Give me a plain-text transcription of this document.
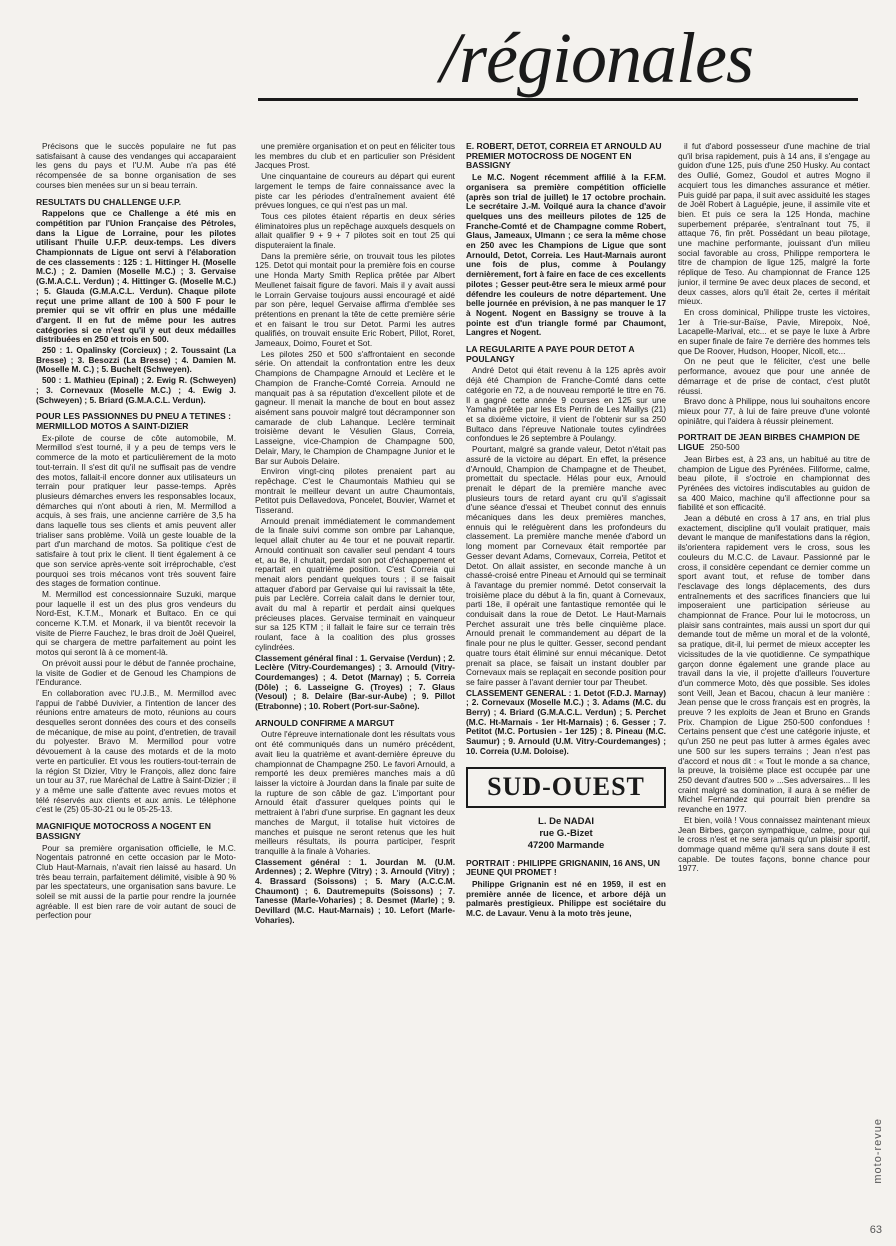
/régionales

Précisons que le succès populaire ne fut pas satisfaisant à cause des vendanges qui accaparaient les gens du pays et l'U.M. Aube n'a pas été récompensée de sa bonne organisation de ses courses bien menées sur un si beau terrain.

RESULTATS DU CHALLENGE U.F.P.

Rappelons que ce Challenge a été mis en compétition par l'Union Française des Pétroles, dans la Ligue de Lorraine, pour les pilotes utilisant l'huile U.F.P. deux-temps. Les divers Championnats de Ligue ont servi à l'élaboration de ces classements : 125 : 1. Hittinger H. (Moselle M.C.) ; 2. Damien (Moselle M.C.) ; 3. Gervaise (G.M.A.C.L. Verdun) ; 4. Hittinger G. (Moselle M.C.) ; 5. Glauda (G.M.A.C.L. Verdun). Chaque pilote reçut une prime allant de 100 à 500 F pour le premier qui se vit offrir en plus une médaille d'argent. Il en fut de même pour les autres catégories si ce n'est qu'il y eut deux médailles distribuées en 250 et trois en 500.

250 : 1. Opalinsky (Corcieux) ; 2. Toussaint (La Bresse) ; 3. Besozzi (La Bresse) ; 4. Damien M. (Moselle M. C.) ; 5. Buchelt (Schweyen).

500 : 1. Mathieu (Epinal) ; 2. Ewig R. (Schweyen) ; 3. Cornevaux (Moselle M.C.) ; 4. Ewig J. (Schweyen) ; 5. Briard (G.M.A.C.L. Verdun).

POUR LES PASSIONNES DU PNEU A TETINES : MERMILLOD MOTOS A SAINT-DIZIER

Ex-pilote de course de côte automobile, M. Mermillod s'est tourné, il y a peu de temps vers le commerce de la moto et particulièrement de la moto tout-terrain. Il s'est dit qu'il ne suffisait pas de vendre des motos, fallait-il encore donner aux utilisateurs un terrain pour pratiquer leur passe-temps. Après plusieurs démarches envers les responsables locaux, démarches qui n'ont abouti à rien, M. Mermillod a acquis, à ses frais, une ancienne carrière de 3,5 ha dans laquelle tous ses clients et amis peuvent aller trialiser sans problème. Voilà un geste louable de la part d'un marchand de motos. Sa politique c'est de satisfaire à tout prix le client. Il tient également à ce que son service après-vente soit irréprochable, c'est pourquoi ses trois mécanos vont très souvent faire des stages de formation continue.

M. Mermillod est concessionnaire Suzuki, marque pour laquelle il est un des plus gros vendeurs du Nord-Est, K.T.M., Monark et Bultaco. En ce qui concerne K.T.M. et Monark, il va bientôt recevoir la visite de Pierre Fauchez, le bras droit de Joël Queirel, qui se chargera de mettre parfaitement au point les motos qui seront là à ce moment-là.

On prévoit aussi pour le début de l'année prochaine, la visite de Godier et de Genoud les Champions de l'Endurance.

En collaboration avec l'U.J.B., M. Mermillod avec l'appui de l'abbé Duvivier, a l'intention de lancer des réunions entre amateurs de moto, réunions au cours desquelles seront données des cours et des conseils de mécanique, de mise au point, d'entretien, de travail du polyester. Bravo M. Mermillod pour votre dévouement à la cause des motards et de la moto verte en particulier. Et vous les routiers-tout-terrain de la région St Dizier, Vitry le François, allez donc faire un tour au 37, rue Maréchal de Lattre à Saint-Dizier ; il y a même une salle d'attente avec revues motos et télé réservés aux clients et aux amis. Le téléphone c'est le (25) 05-30-21 ou le 05-25-13.

MAGNIFIQUE MOTOCROSS A NOGENT EN BASSIGNY

Pour sa première organisation officielle, le M.C. Nogentais patronné en cette occasion par le Moto-Club Haut-Marnais, n'avait rien laissé au hasard. Un très beau terrain, parfaitement délimité, visible à 90 % par les spectateurs, une organisation sans bavure. Le soleil se mit aussi de la partie pour rendre la journée agréable. Il est bien rare de voir autant de souci de perfection pour

une première organisation et on peut en féliciter tous les membres du club et en particulier son Président Jacques Prost.

Une cinquantaine de coureurs au départ qui eurent largement le temps de faire connaissance avec la piste car les périodes d'entraînement avaient été prévues longues, ce qui n'est pas un mal.

Tous ces pilotes étaient répartis en deux séries éliminatoires plus un repêchage auxquels desquels on allait qualifier 9 + 9 + 7 pilotes soit en tout 25 qui disputeraient la finale.

Dans la première série, on trouvait tous les pilotes 125. Detot qui montait pour la première fois en course une Honda Marty Smith Replica prêtée par Albert Meullenet faisait figure de favori. Mais il y avait aussi le Lorrain Gervaise toujours aussi encouragé et aidé par son père, lequel Gervaise affirma d'emblée ses prétentions en prenant la tête de cette première série et en faisant le trou sur Detot. Parmi les autres qualifiés, on trouvait ensuite Eric Robert, Pillot, Roret, Jameaux, Doimo, Fouret et Sot.

Les pilotes 250 et 500 s'affrontaient en seconde série. On attendait la confrontation entre les deux Champions de Champagne Arnould et Leclère et le Champion de Franche-Comté Correia. Arnould ne manquait pas à sa réputation d'excellent pilote et de gagneur. Il menait la manche de bout en bout assez aisément sans pouvoir malgré tout décramponner son camarade de club Lahanque. Leclère terminait troisième devant le Vésulien Glaus, Correia, Lasseigne, vice-Champion de Champagne 500, Delair, Mary, le Champion de Champagne Junior et le Bar sur Aubois Delaire.

Environ vingt-cinq pilotes prenaient part au repêchage. C'est le Chaumontais Mathieu qui se montrait le meilleur devant un autre Chaumontais, Petitot puis Dellavedova, Poncelet, Bouvier, Warnet et Tisserand.

Arnould prenait immédiatement le commandement de la finale suivi comme son ombre par Lahanque, lequel allait chuter au 4e tour et ne pouvait repartir. Arnould continuait son cavalier seul pendant 4 tours et, au 8e, il chutait, perdait son pot d'échappement et repartait en quatrième position. C'est Correia qui menait alors pendant quelques tours ; il se faisait attaquer d'abord par Gervaise qui lui ravissait la tête, puis par Leclère. Correia calait dans le dernier tour, avait du mal à repartir et perdait ainsi quelques précieuses places. Gervaise terminait en vainqueur sur sa 125 KTM ; il fallait le faire sur ce terrain très roulant, face à la coalition des plus grosses cylindrées.

Classement général final : 1. Gervaise (Verdun) ; 2. Leclère (Vitry-Courdemanges) ; 3. Arnould (Vitry-Courdemanges) ; 4. Detot (Marnay) ; 5. Correia (Dôle) ; 6. Lasseigne G. (Troyes) ; 7. Glaus (Vesoul) ; 8. Delaire (Bar-sur-Aube) ; 9. Pillot (Etrabonne) ; 10. Robert (Port-sur-Saône).

ARNOULD CONFIRME A MARGUT

Outre l'épreuve internationale dont les résultats vous ont été communiqués dans un numéro précédent, avait lieu la quatrième et avant-dernière épreuve du championnat de Champagne 250. Le favori Arnould, a remporté les deux premières manches mais a dû laisser la victoire à Jourdan dans la finale par suite de la rupture de son câble de gaz. L'important pour Arnould était d'assurer quelques points qui le mettraient à l'abri d'une surprise. En gagnant les deux manches de Margut, il totalise huit victoires de manches et puisque ne seront retenus que les huit meilleurs résultats, ils pourra participer, l'esprit tranquille à la finale à Voharies.

Classement général : 1. Jourdan M. (U.M. Ardennes) ; 2. Wephre (Vitry) ; 3. Arnould (Vitry) ; 4. Brassard (Soissons) ; 5. Mary (A.C.C.M. Chaumont) ; 6. Dautremepuits (Soissons) ; 7. Tanesse (Marle-Voharies) ; 8. Desmet (Marle) ; 9. Devillard (M.C. Haut-Marnais) ; 10. Lefort (Marle-Voharies).

E. ROBERT, DETOT, CORREIA ET ARNOULD AU PREMIER MOTOCROSS DE NOGENT EN BASSIGNY

Le M.C. Nogent récemment affilié à la F.F.M. organisera sa première compétition officielle (après son trial de juillet) le 17 octobre prochain. Le secrétaire J.-M. Voilqué aura la chance d'avoir quelques uns des meilleurs pilotes de 125 de Franche-Comté et de Champagne comme Robert, Glaus, Jameaux, Ulmann ; ce sera la même chose en 250 avec les Champions de Ligue que sont Arnould, Detot, Correia. Les Haut-Marnais auront une fois de plus, comme à Poulangy dernièrement, fort à faire en face de ces excellents pilotes ; Gesser peut-être sera le mieux armé pour défendre les couleurs de notre département. Une belle journée en prévision, à ne pas manquer le 17 à Nogent. Nogent en Bassigny se trouve à la pointe est d'un triangle formé par Chaumont, Langres et Nogent.

LA REGULARITE A PAYE POUR DETOT A POULANGY

André Detot qui était revenu à la 125 après avoir déjà été Champion de Franche-Comté dans cette catégorie en 72, a de nouveau remporté le titre en 76. Il a gagné cette année 9 courses en 125 sur une Yamaha prêtée par les Ets Perrin de Les Maillys (21) et sa dixième victoire, il vient de l'obtenir sur sa 250 Bultaco dans l'épreuve Nationale toutes cylindrées confondues le 26 septembre à Poulangy.

Pourtant, malgré sa grande valeur, Detot n'était pas assuré de la victoire au départ. En effet, la présence d'Arnould, Champion de Champagne et de Theubet, promettait du spectacle. Hélas pour eux, Arnould prenait le départ de la première manche avec plusieurs tours de retard ayant cru qu'il s'agissait d'une séance d'essai et Theubet connut des ennuis mécaniques dans les deux premières manches, ennuis qui le reléguèrent dans les profondeurs du classement. La première manche menée d'abord un long moment par Cornevaux était remportée par Gesser devant Adams, Cornevaux, Correia, Petitot et Detot. On allait assister, en seconde manche à un chassé-croisé entre Pineau et Arnould qui se terminait à l'avantage du premier nommé. Detot conservait la troisième place du début à la fin, quant à Cornevaux, parti 18e, il opérait une fantastique remontée qui le conduisait dans la roue de Detot. Le Haut-Marnais Perchet assurait une très belle cinquième place. Arnould prenait le commandement au départ de la finale pour ne plus le quitter. Gesser, second pendant quatre tours était éliminé sur ennui mécanique. Detot prenait sa place, se faisait un instant doubler par Cornevaux mais se replaçait en seconde position pour se faire passer à l'avant dernier tour par Theubet.

CLASSEMENT GENERAL : 1. Detot (F.D.J. Marnay) ; 2. Cornevaux (Moselle M.C.) ; 3. Adams (M.C. du Berry) ; 4. Briard (G.M.A.C.L. Verdun) ; 5. Perchet (M.C. Ht-Marnais - 1er Ht-Marnais) ; 6. Gesser ; 7. Petitot (M.C. Portusien - 1er 125) ; 8. Pineau (M.C. Saumur) ; 9. Arnould (U.M. Vitry-Courdemanges) ; 10. Correia (U.M. Doloise).

SUD-OUEST
L. De NADAI
rue G.-Bizet
47200 Marmande
PORTRAIT : PHILIPPE GRIGNANIN, 16 ANS, UN JEUNE QUI PROMET !

Philippe Grignanin est né en 1959, il est en première année de licence, et arbore déjà un palmarès prestigieux. Philippe est sociétaire du M.C. de Lavaur. Venu à la moto très jeune,

il fut d'abord possesseur d'une machine de trial qu'il brisa rapidement, puis à 14 ans, il s'engage au guidon d'une 125, puis d'une 250 Husky. Au contact des Oullié, Gomez, Goudol et autres Mogno il acquiert tous les dimanches assurance et métier. Puis guidé par papa, il suit avec assiduité les stages de Joël Robert à Laguépie, jeune, il assimile vite et bien. Et puis ce sera la 125 Honda, machine superbement préparée, s'entraînant tout 75, il attaque 76, fin prêt. Possédant un beau pilotage, une machine performante, jouissant d'un milieu social favorable au cross, Philippe remportera le titre de champion de ligue 125, malgré la forte réplique de Teso. Au championnat de France 125 junior, il termine 9e avec deux places de second, et deux casses, alors qu'il était 2e, certes il méritait mieux.

En cross dominical, Philippe truste les victoires, 1er à Trie-sur-Baïse, Pavie, Mirepoix, Noé, Lacapelle-Marival, etc... et se paye le luxe à Arbre en super finale de faire 7e derrière des hommes tels que De Roover, Hudson, Hooper, Nicoll, etc...

On ne peut que le féliciter, c'est une belle performance, avouez que pour une année de démarrage et de prise de contact, c'est plutôt réussi.

Bravo donc à Philippe, nous lui souhaitons encore mieux pour 77, à lui de faire preuve d'une volonté opiniâtre, qui l'aidera à réussir pleinement.

PORTRAIT DE JEAN BIRBES CHAMPION DE LIGUE 250-500

Jean Birbes est, à 23 ans, un habitué au titre de champion de Ligue des Pyrénées. Filiforme, calme, beau pilote, il s'octroie en championnat des Pyrénées des victoires indiscutables au guidon de sa 400 Maico, machine qu'il affectionne pour sa fiabilité et son efficacité.

Jean a débuté en cross à 17 ans, en trial plus exactement, discipline qu'il voulait pratiquer, mais devant le manque de manifestations dans la région, ils'orientera rapidement vers le cross, sous les couleurs du M.C.C. de Lavaur. Passionné par le cross, il considère cependant ce dernier comme un sport avant tout, et refuse de tomber dans l'esclavage des longs déplacements, des durs entraînements et des sacrifices financiers que lui imposeraient une participation sérieuse au championnat de France. Pour lui le motocross, un plaisir sans contraintes, mais aussi un sport dur qui demande tout de même un moral et de la volonté, sa pratique, dit-il, lui permet de mieux accepter les vicissitudes de la vie quotidienne. Ce sympathique garçon donne également une grande place au travail dans la vie, il projette d'ailleurs l'ouverture d'un commerce Moto, dès que possible. Ses idoles sont Veill, Jean et Bacou, chacun à leur manière : Jean pense que le cross français est en progrès, la preuve ? les exploits de Jean et Bruno en Grands Prix. Champion de Ligue 250-500 confondues ! Certains pensent que c'est une catégorie injuste, et qu'un 250 ne peut pas lutter à armes égales avec une 500 sur les supers terrains ; Jean n'est pas d'accord et nous dit : « Tout le monde a sa chance, la preuve, la troisième place est occupée par une 250 devant d'autres 500 » ...Ses adversaires... Il les craint malgré sa domination, il aura à se méfier de Michel Fernandez qui pourrait bien prendre sa revanche en 1977.

Et bien, voilà ! Vous connaissez maintenant mieux Jean Birbes, garçon sympathique, calme, pour qui le cross n'est et ne sera jamais qu'un plaisir sportif, dommage quand même qu'il sera sans doute il est capable. De toutes façons, bonne chance pour 1977.

moto-revue
63
